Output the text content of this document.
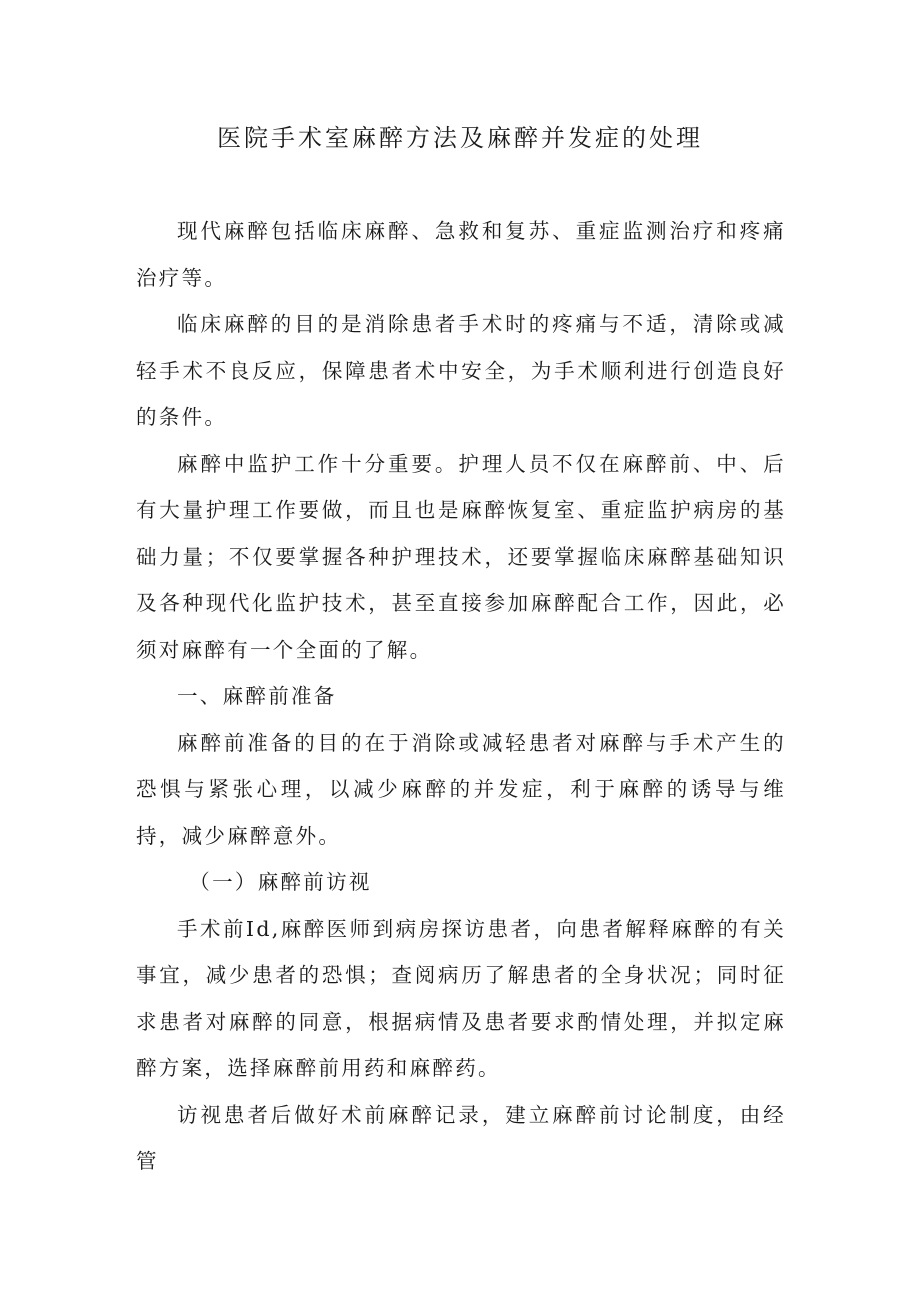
医院手术室麻醉方法及麻醉并发症的处理

现代麻醉包括临床麻醉、急救和复苏、重症监测治疗和疼痛治疗等。

临床麻醉的目的是消除患者手术时的疼痛与不适，清除或减轻手术不良反应，保障患者术中安全，为手术顺利进行创造良好的条件。

麻醉中监护工作十分重要。护理人员不仅在麻醉前、中、后有大量护理工作要做，而且也是麻醉恢复室、重症监护病房的基础力量；不仅要掌握各种护理技术，还要掌握临床麻醉基础知识及各种现代化监护技术，甚至直接参加麻醉配合工作，因此，必须对麻醉有一个全面的了解。

一、麻醉前准备

麻醉前准备的目的在于消除或减轻患者对麻醉与手术产生的恐惧与紧张心理，以减少麻醉的并发症，利于麻醉的诱导与维持，减少麻醉意外。

（一）麻醉前访视

手术前Id,麻醉医师到病房探访患者，向患者解释麻醉的有关事宜，减少患者的恐惧；查阅病历了解患者的全身状况；同时征求患者对麻醉的同意，根据病情及患者要求酌情处理，并拟定麻醉方案，选择麻醉前用药和麻醉药。

访视患者后做好术前麻醉记录，建立麻醉前讨论制度，由经管
